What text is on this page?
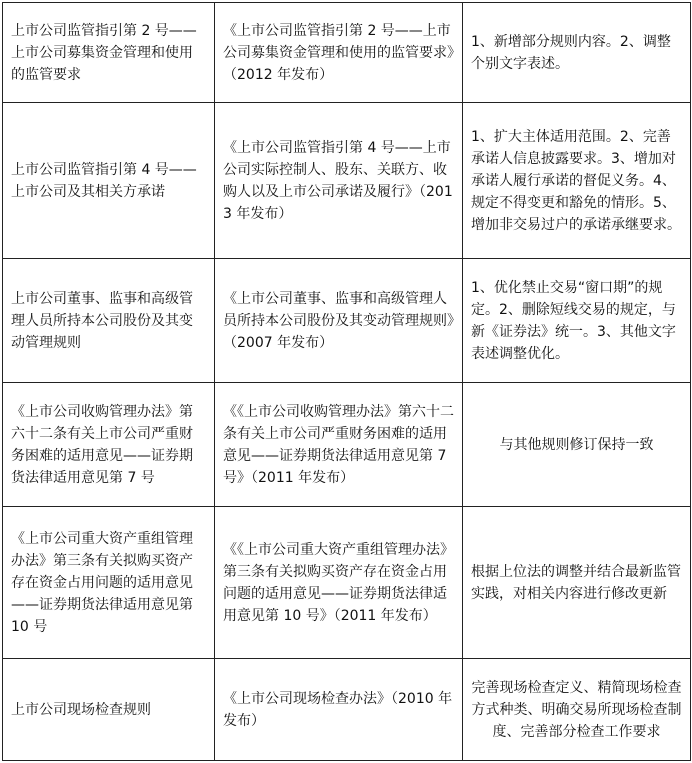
上市公司监管指引第 2 号——上市公司募集资金管理和使用的监管要求	《上市公司监管指引第 2 号——上市公司募集资金管理和使用的监管要求》（2012 年发布）	1、新增部分规则内容。2、调整个别文字表述。
上市公司监管指引第 4 号——上市公司及其相关方承诺	《上市公司监管指引第 4 号——上市公司实际控制人、股东、关联方、收购人以及上市公司承诺及履行》（2013 年发布）	1、扩大主体适用范围。2、完善承诺人信息披露要求。3、增加对承诺人履行承诺的督促义务。4、规定不得变更和豁免的情形。5、增加非交易过户的承诺承继要求。
上市公司董事、监事和高级管理人员所持本公司股份及其变动管理规则	《上市公司董事、监事和高级管理人员所持本公司股份及其变动管理规则》（2007 年发布）	1、优化禁止交易“窗口期”的规定。2、删除短线交易的规定，与新《证券法》统一。3、其他文字表述调整优化。
《上市公司收购管理办法》第六十二条有关上市公司严重财务困难的适用意见——证券期货法律适用意见第 7 号	《《上市公司收购管理办法》第六十二条有关上市公司严重财务困难的适用意见——证券期货法律适用意见第 7 号》（2011 年发布）	与其他规则修订保持一致
《上市公司重大资产重组管理办法》第三条有关拟购买资产存在资金占用问题的适用意见——证券期货法律适用意见第 10 号	《《上市公司重大资产重组管理办法》第三条有关拟购买资产存在资金占用问题的适用意见——证券期货法律适用意见第 10 号》（2011 年发布）	根据上位法的调整并结合最新监管实践，对相关内容进行修改更新
上市公司现场检查规则	《上市公司现场检查办法》（2010 年发布）	完善现场检查定义、精简现场检查方式种类、明确交易所现场检查制度、完善部分检查工作要求
